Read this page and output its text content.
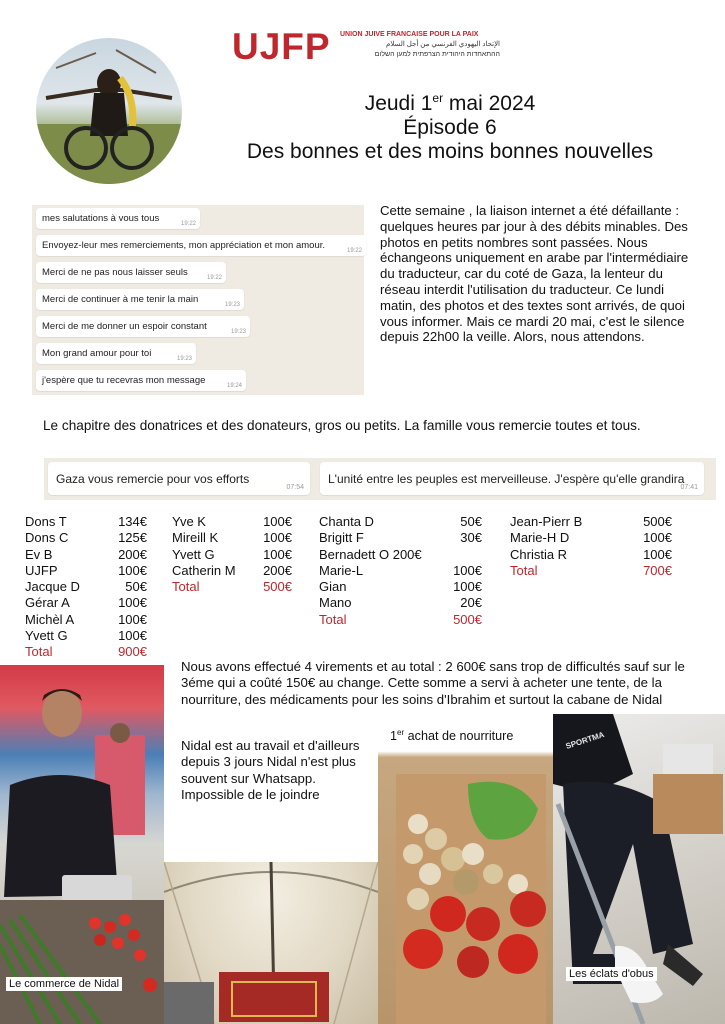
UJFP UNION JUIVE FRANCAISE POUR LA PAIX
الإتحاد اليهودي الفرنسي من أجل السلام
ההתאחדות היהודית הצרפתית למען השלום
Jeudi 1er mai 2024
Épisode 6
Des bonnes et des moins bonnes nouvelles
mes salutations à vous tous	19:22
Envoyez-leur mes remerciements, mon appréciation et mon amour.	19:22
Merci de ne pas nous laisser seuls	19:22
Merci de continuer à me tenir la main	19:23
Merci de me donner un espoir constant	19:23
Mon grand amour pour toi	19:23
j'espère que tu recevras mon message	19:24
Cette semaine , la liaison internet a été défaillante : quelques heures par jour à des débits minables. Des photos en petits nombres sont passées. Nous échangeons uniquement en arabe par l'intermédiaire du traducteur, car du coté de Gaza, la lenteur du réseau interdit l'utilisation du traducteur. Ce lundi matin, des photos et des textes sont arrivés, de quoi vous informer. Mais ce mardi 20 mai, c'est le silence depuis 22h00 la veille. Alors, nous attendons.
Le chapitre des donatrices et des donateurs, gros ou petits. La famille vous remercie toutes et tous.
Gaza vous remercie pour vos efforts
07:54
L'unité entre les peuples est merveilleuse. J'espère qu'elle grandira
07:41
Dons T	134€
Dons C	125€
Ev B	200€
UJFP	100€
Jacque D	50€
Gérar A	100€
Michèl A	100€
Yvett G	100€
Total	900€
Yve K	100€
Mireill K	100€
Yvett G	100€
Catherin M 200€
Total	500€
Chanta D	50€
Brigitt F	30€
Bernadett O 200€
Marie-L	100€
Gian	100€
Mano	20€
Total	500€
Jean-Pierr B	500€
Marie-H D	100€
Christia R	100€
Total	700€
Nous avons effectué 4 virements et au total : 2 600€ sans trop de difficultés sauf sur le 3éme qui a coûté 150€ au change. Cette somme a servi à acheter une tente, de la nourriture, des médicaments pour les soins d'Ibrahim et surtout la cabane de Nidal
Nidal est au travail et d'ailleurs depuis 3 jours Nidal n'est plus souvent sur Whatsapp. Impossible de le joindre
Le commerce de Nidal
1er achat de nourriture	SPORTMA
Les éclats d'obus
